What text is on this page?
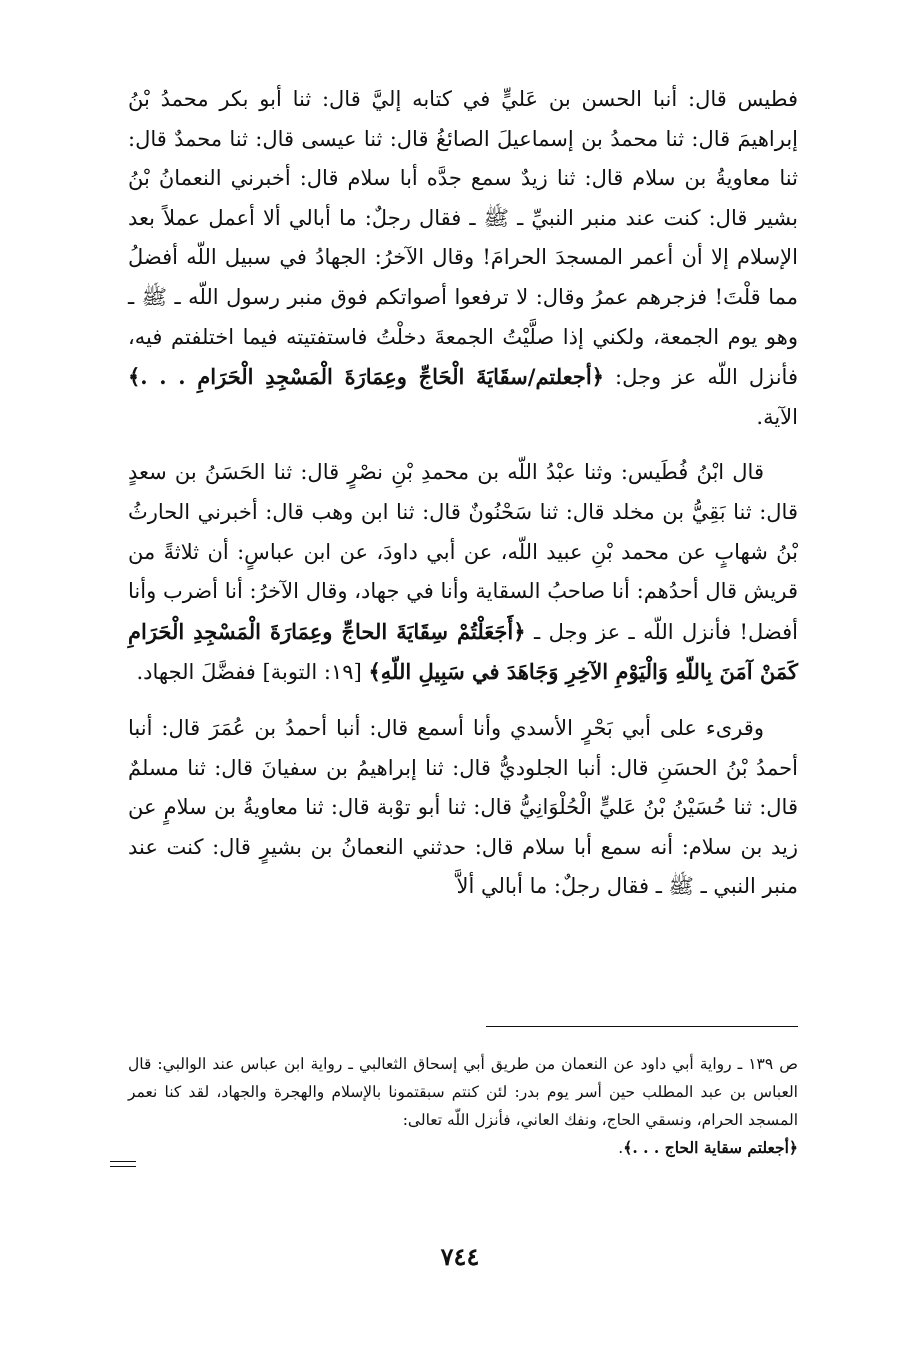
فطيس قال: أنبا الحسن بن عَليٍّ في كتابه إليَّ قال: ثنا أبو بكر محمدُ بْنُ إبراهيمَ قال: ثنا محمدُ بن إسماعيلَ الصائغُ قال: ثنا عيسى قال: ثنا محمدٌ قال: ثنا معاويةُ بن سلام قال: ثنا زيدٌ سمع جدَّه أبا سلام قال: أخبرني النعمانُ بْنُ بشير قال: كنت عند منبر النبيِّ ـ ﷺ ـ فقال رجلٌ: ما أبالي ألا أعمل عملاً بعد الإسلام إلا أن أعمر المسجدَ الحرامَ! وقال الآخرُ: الجهادُ في سبيل اللّه أفضلُ مما قلْتَ! فزجرهم عمرُ وقال: لا ترفعوا أصواتكم فوق منبر رسول اللّه ـ ﷺ ـ وهو يوم الجمعة، ولكني إذا صلَّيْتُ الجمعةَ دخلْتُ فاستفتيته فيما اختلفتم فيه، فأنزل اللّه عز وجل: ﴿أجعلتم/سقَايَةَ الْحَاجِّ وعِمَارَةَ الْمَسْجِدِ الْحَرَامِ . . .﴾ الآية.

قال ابْنُ فُطَيس: وثنا عبْدُ اللّه بن محمدِ بْنِ نصْرٍ قال: ثنا الحَسَنُ بن سعدٍ قال: ثنا بَقِيُّ بن مخلد قال: ثنا سَحْنُونٌ قال: ثنا ابن وهب قال: أخبرني الحارثُ بْنُ شهابٍ عن محمد بْنِ عبيد اللّه، عن أبي داودَ، عن ابن عباسٍ: أن ثلاثةً من قريش قال أحدُهم: أنا صاحبُ السقاية وأنا في جهاد، وقال الآخرُ: أنا أضرب وأنا أفضل! فأنزل اللّه ـ عز وجل ـ ﴿أَجَعَلْتُمْ سِقَايَةَ الحاجِّ وعِمَارَةَ الْمَسْجِدِ الْحَرَامِ كَمَنْ آمَنَ بِاللّهِ وَالْيَوْمِ الآخِرِ وَجَاهَدَ في سَبِيلِ اللّهِ﴾ [١٩: التوبة] ففضَّلَ الجهاد.

وقرىء على أبي بَحْرٍ الأسدي وأنا أسمع قال: أنبا أحمدُ بن عُمَرَ قال: أنبا أحمدُ بْنُ الحسَنِ قال: أنبا الجلوديُّ قال: ثنا إبراهيمُ بن سفيانَ قال: ثنا مسلمٌ قال: ثنا حُسَيْنُ بْنُ عَليٍّ الْحُلْوَانِيُّ قال: ثنا أبو توْبة قال: ثنا معاويةُ بن سلامٍ عن زيد بن سلام: أنه سمع أبا سلام قال: حدثني النعمانُ بن بشيرٍ قال: كنت عند منبر النبي ـ ﷺ ـ فقال رجلٌ: ما أبالي ألاَّ

ص ١٣٩ ـ رواية أبي داود عن النعمان من طريق أبي إسحاق الثعالبي ـ رواية ابن عباس عند الوالبي: قال العباس بن عبد المطلب حين أسر يوم بدر: لئن كنتم سبقتمونا بالإسلام والهجرة والجهاد، لقد كنا نعمر المسجد الحرام، ونسقي الحاج، ونفك العاني، فأنزل اللّه تعالى:
﴿أجعلتم سقاية الحاج . . .﴾.

٧٤٤
